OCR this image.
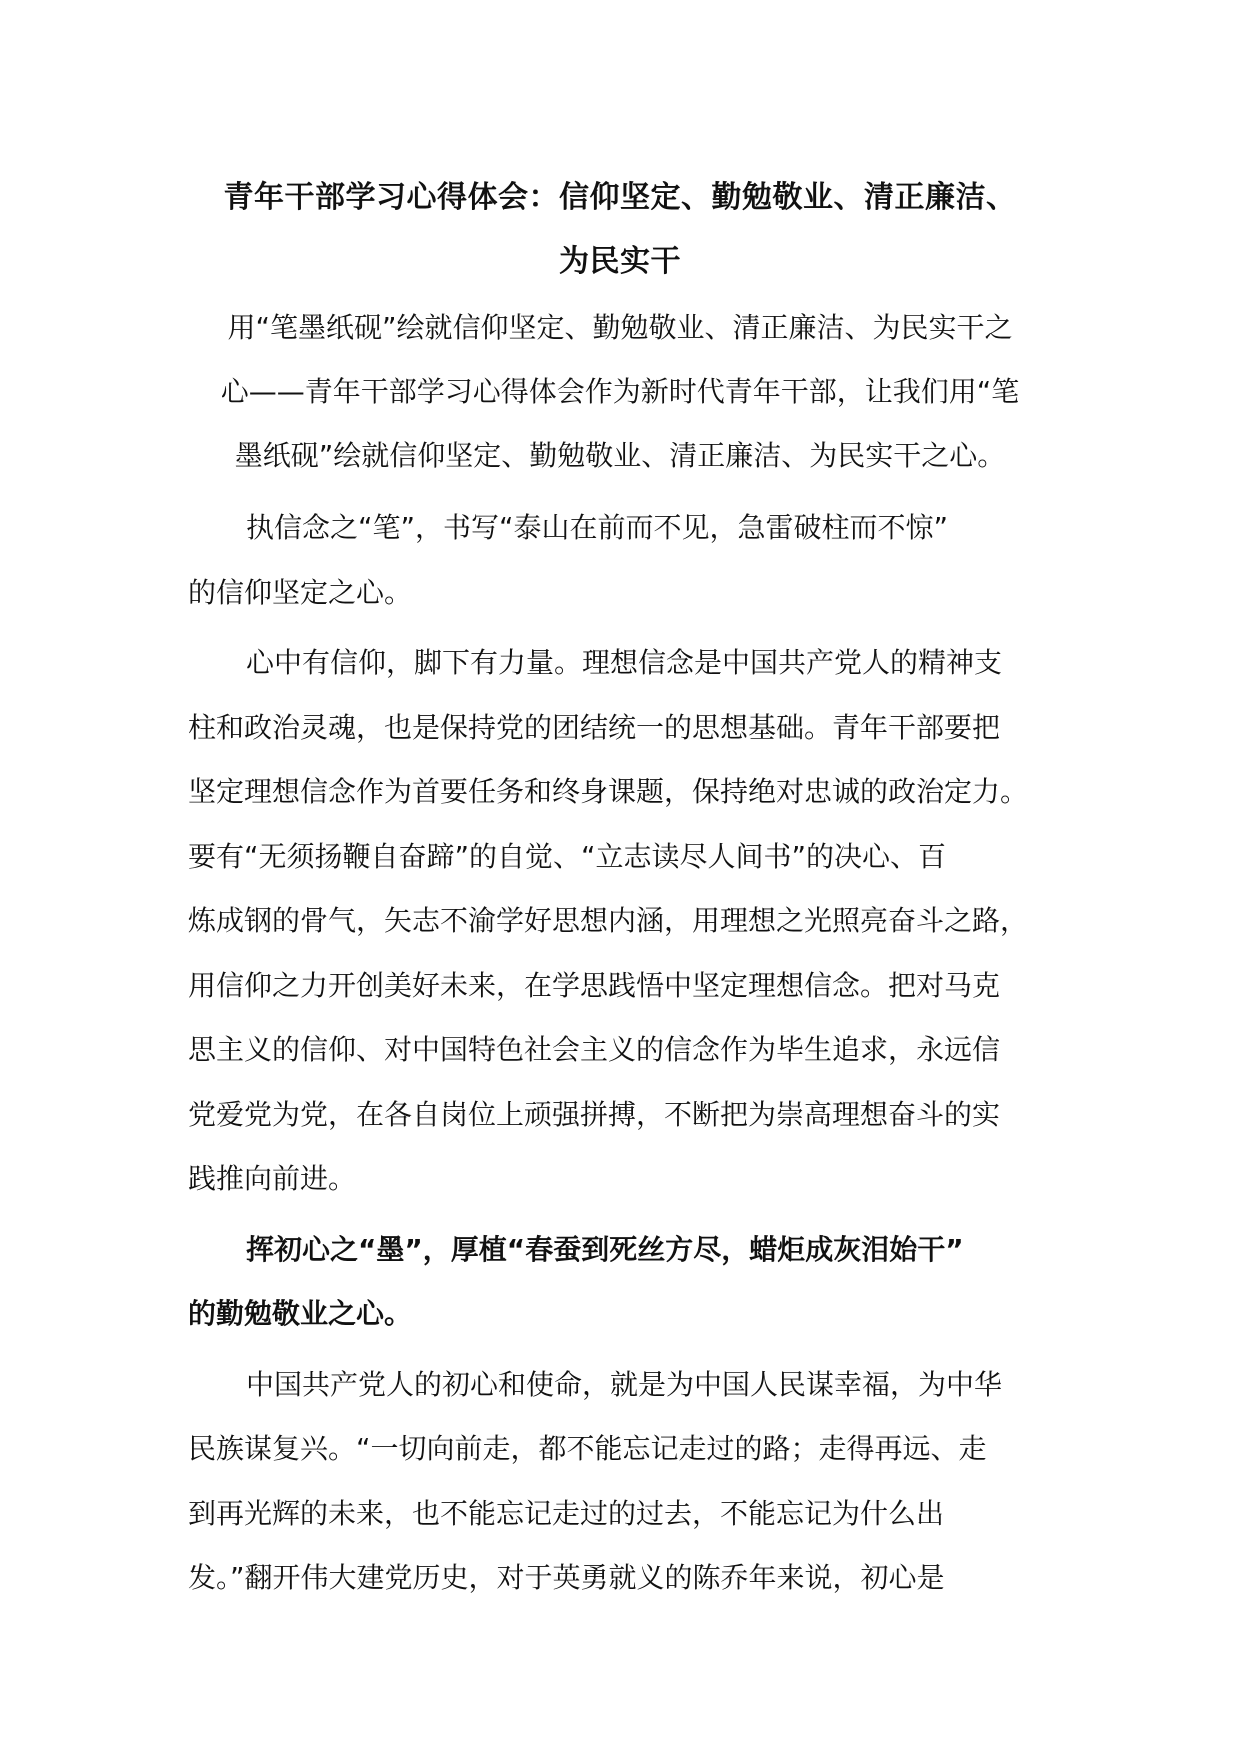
青年干部学习心得体会：信仰坚定、勤勉敬业、清正廉洁、
为民实干
用“笔墨纸砚”绘就信仰坚定、勤勉敬业、清正廉洁、为民实干之
心——青年干部学习心得体会作为新时代青年干部，让我们用“笔
墨纸砚”绘就信仰坚定、勤勉敬业、清正廉洁、为民实干之心。

执信念之“笔”，书写“泰山在前而不见，急雷破柱而不惊”
的信仰坚定之心。

心中有信仰，脚下有力量。理想信念是中国共产党人的精神支
柱和政治灵魂，也是保持党的团结统一的思想基础。青年干部要把
坚定理想信念作为首要任务和终身课题，保持绝对忠诚的政治定力。
要有“无须扬鞭自奋蹄”的自觉、“立志读尽人间书”的决心、百
炼成钢的骨气，矢志不渝学好思想内涵，用理想之光照亮奋斗之路，
用信仰之力开创美好未来，在学思践悟中坚定理想信念。把对马克
思主义的信仰、对中国特色社会主义的信念作为毕生追求，永远信
党爱党为党，在各自岗位上顽强拼搏，不断把为崇高理想奋斗的实
践推向前进。

挥初心之“墨”，厚植“春蚕到死丝方尽，蜡炬成灰泪始干”
的勤勉敬业之心。

中国共产党人的初心和使命，就是为中国人民谋幸福，为中华
民族谋复兴。“一切向前走，都不能忘记走过的路；走得再远、走
到再光辉的未来，也不能忘记走过的过去，不能忘记为什么出
发。”翻开伟大建党历史，对于英勇就义的陈乔年来说，初心是
